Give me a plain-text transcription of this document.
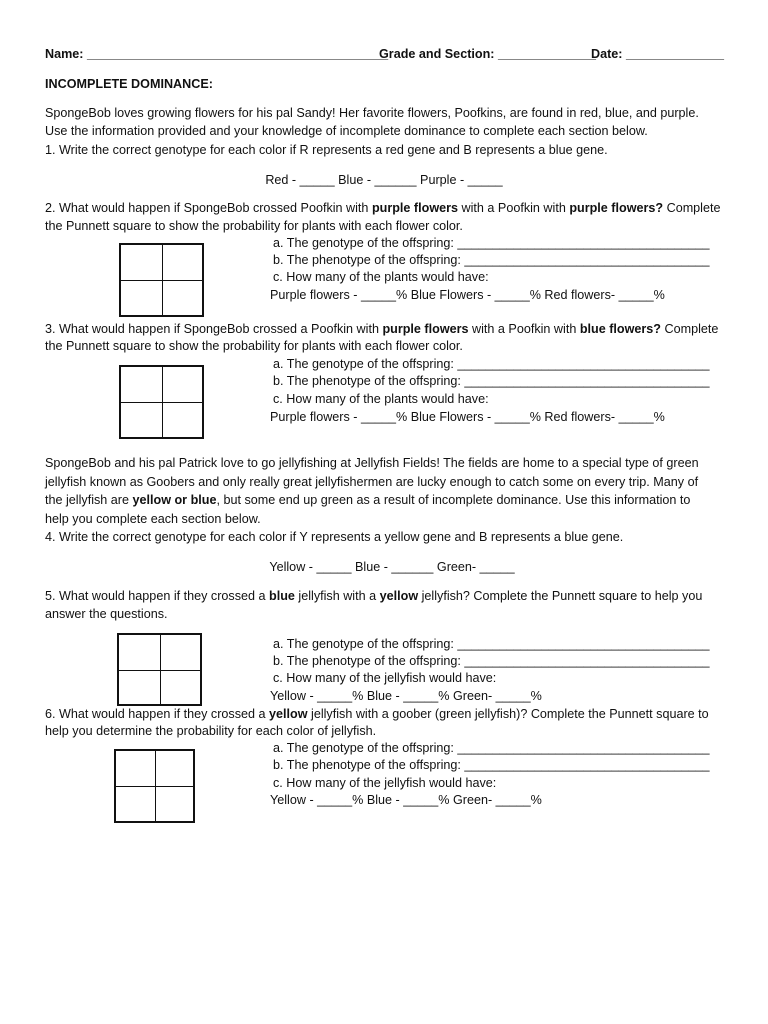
Name: ___________________________________________
Grade and Section: ______________
Date: ______________
INCOMPLETE DOMINANCE:
SpongeBob loves growing flowers for his pal Sandy! Her favorite flowers, Poofkins, are found in red, blue, and purple.
Use the information provided and your knowledge of incomplete dominance to complete each section below.
1. Write the correct genotype for each color if R represents a red gene and B represents a blue gene.
Red - _____ Blue - ______ Purple - _____
2. What would happen if SpongeBob crossed Poofkin with purple flowers with a Poofkin with purple flowers? Complete
the Punnett square to show the probability for plants with each flower color.
a. The genotype of the offspring: ____________________________________
b. The phenotype of the offspring: ___________________________________
c. How many of the plants would have:
Purple flowers - _____% Blue Flowers - _____% Red flowers- _____%
3. What would happen if SpongeBob crossed a Poofkin with purple flowers with a Poofkin with blue flowers? Complete
the Punnett square to show the probability for plants with each flower color.
a. The genotype of the offspring: ____________________________________
b. The phenotype of the offspring: ___________________________________
c. How many of the plants would have:
Purple flowers - _____% Blue Flowers - _____% Red flowers- _____%
SpongeBob and his pal Patrick love to go jellyfishing at Jellyfish Fields! The fields are home to a special type of green
jellyfish known as Goobers and only really great jellyfishermen are lucky enough to catch some on every trip. Many of
the jellyfish are yellow or blue, but some end up green as a result of incomplete dominance. Use this information to
help you complete each section below.
4. Write the correct genotype for each color if Y represents a yellow gene and B represents a blue gene.
Yellow - _____ Blue - ______ Green- _____
5. What would happen if they crossed a blue jellyfish with a yellow jellyfish? Complete the Punnett square to help you
answer the questions.
a. The genotype of the offspring: ____________________________________
b. The phenotype of the offspring: ___________________________________
c. How many of the jellyfish would have:
Yellow - _____% Blue - _____% Green- _____%
6. What would happen if they crossed a yellow jellyfish with a goober (green jellyfish)? Complete the Punnett square to
help you determine the probability for each color of jellyfish.
a. The genotype of the offspring: ____________________________________
b. The phenotype of the offspring: ___________________________________
c. How many of the jellyfish would have:
Yellow - _____% Blue - _____% Green- _____%
